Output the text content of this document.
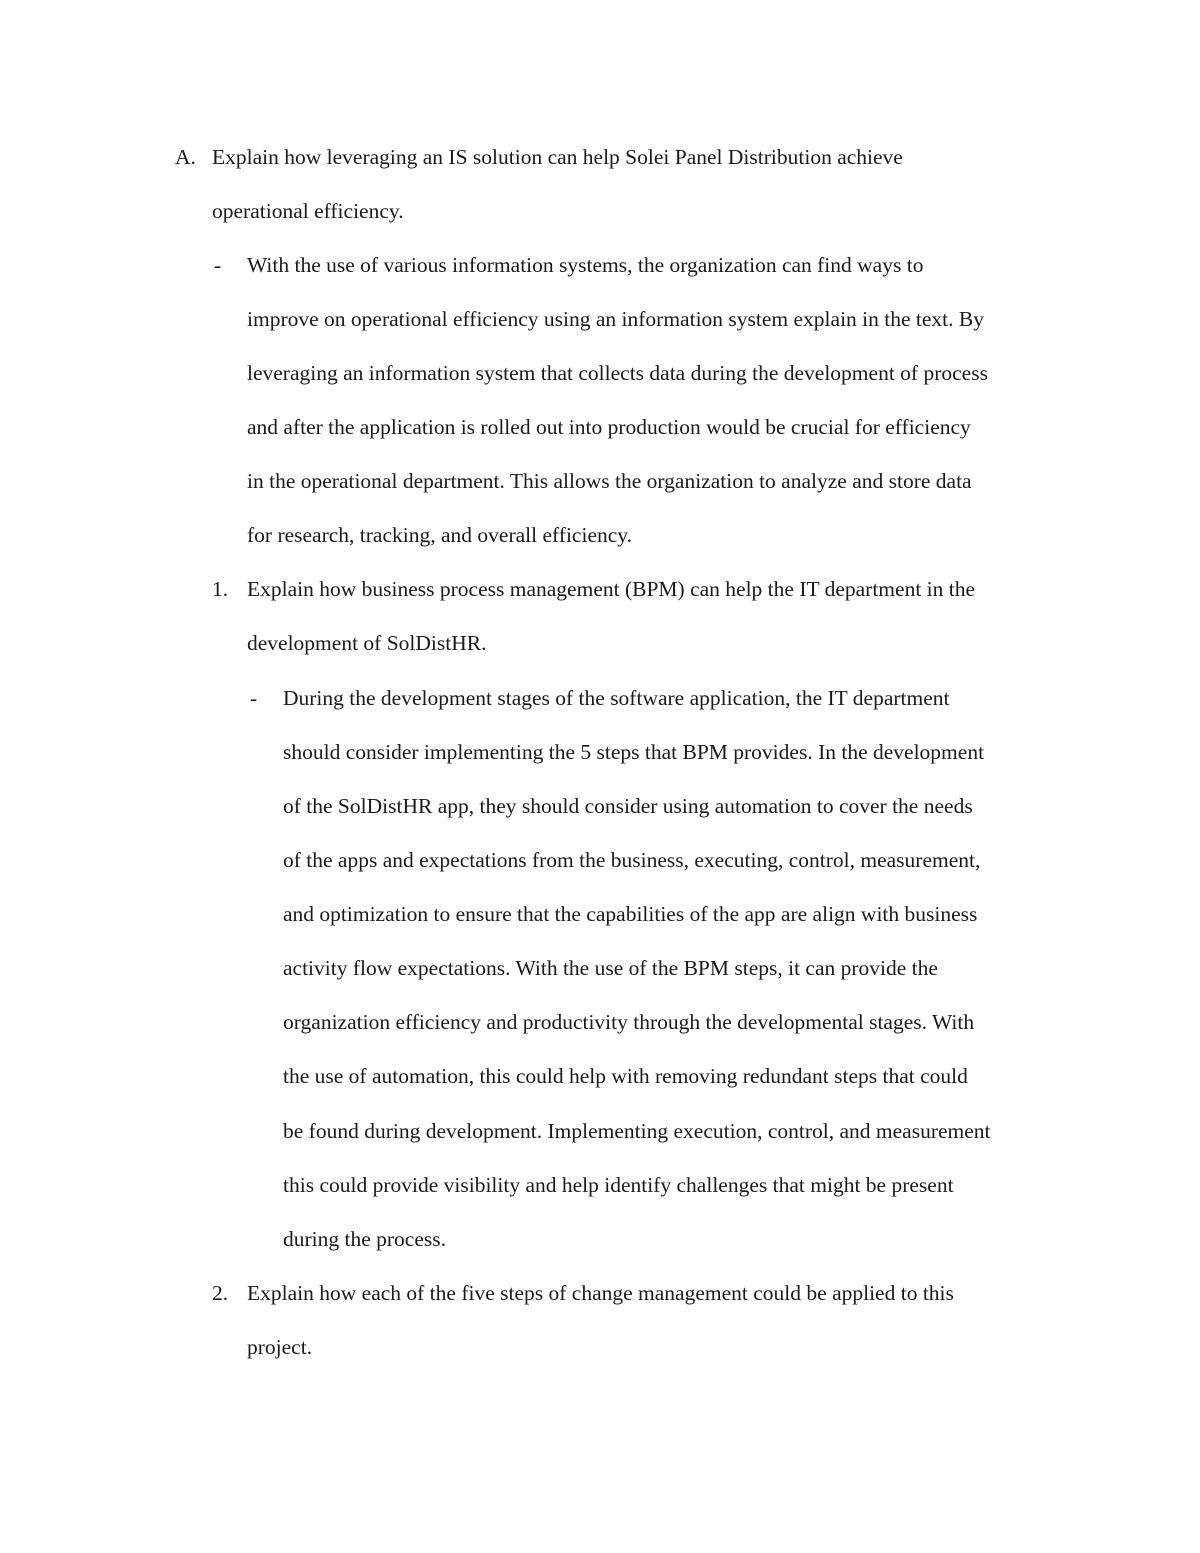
A. Explain how leveraging an IS solution can help Solei Panel Distribution achieve
operational efficiency.
- With the use of various information systems, the organization can find ways to
improve on operational efficiency using an information system explain in the text. By
leveraging an information system that collects data during the development of process
and after the application is rolled out into production would be crucial for efficiency
in the operational department. This allows the organization to analyze and store data
for research, tracking, and overall efficiency.
1. Explain how business process management (BPM) can help the IT department in the
development of SolDistHR.
- During the development stages of the software application, the IT department
should consider implementing the 5 steps that BPM provides. In the development
of the SolDistHR app, they should consider using automation to cover the needs
of the apps and expectations from the business, executing, control, measurement,
and optimization to ensure that the capabilities of the app are align with business
activity flow expectations. With the use of the BPM steps, it can provide the
organization efficiency and productivity through the developmental stages. With
the use of automation, this could help with removing redundant steps that could
be found during development. Implementing execution, control, and measurement
this could provide visibility and help identify challenges that might be present
during the process.
2. Explain how each of the five steps of change management could be applied to this
project.
